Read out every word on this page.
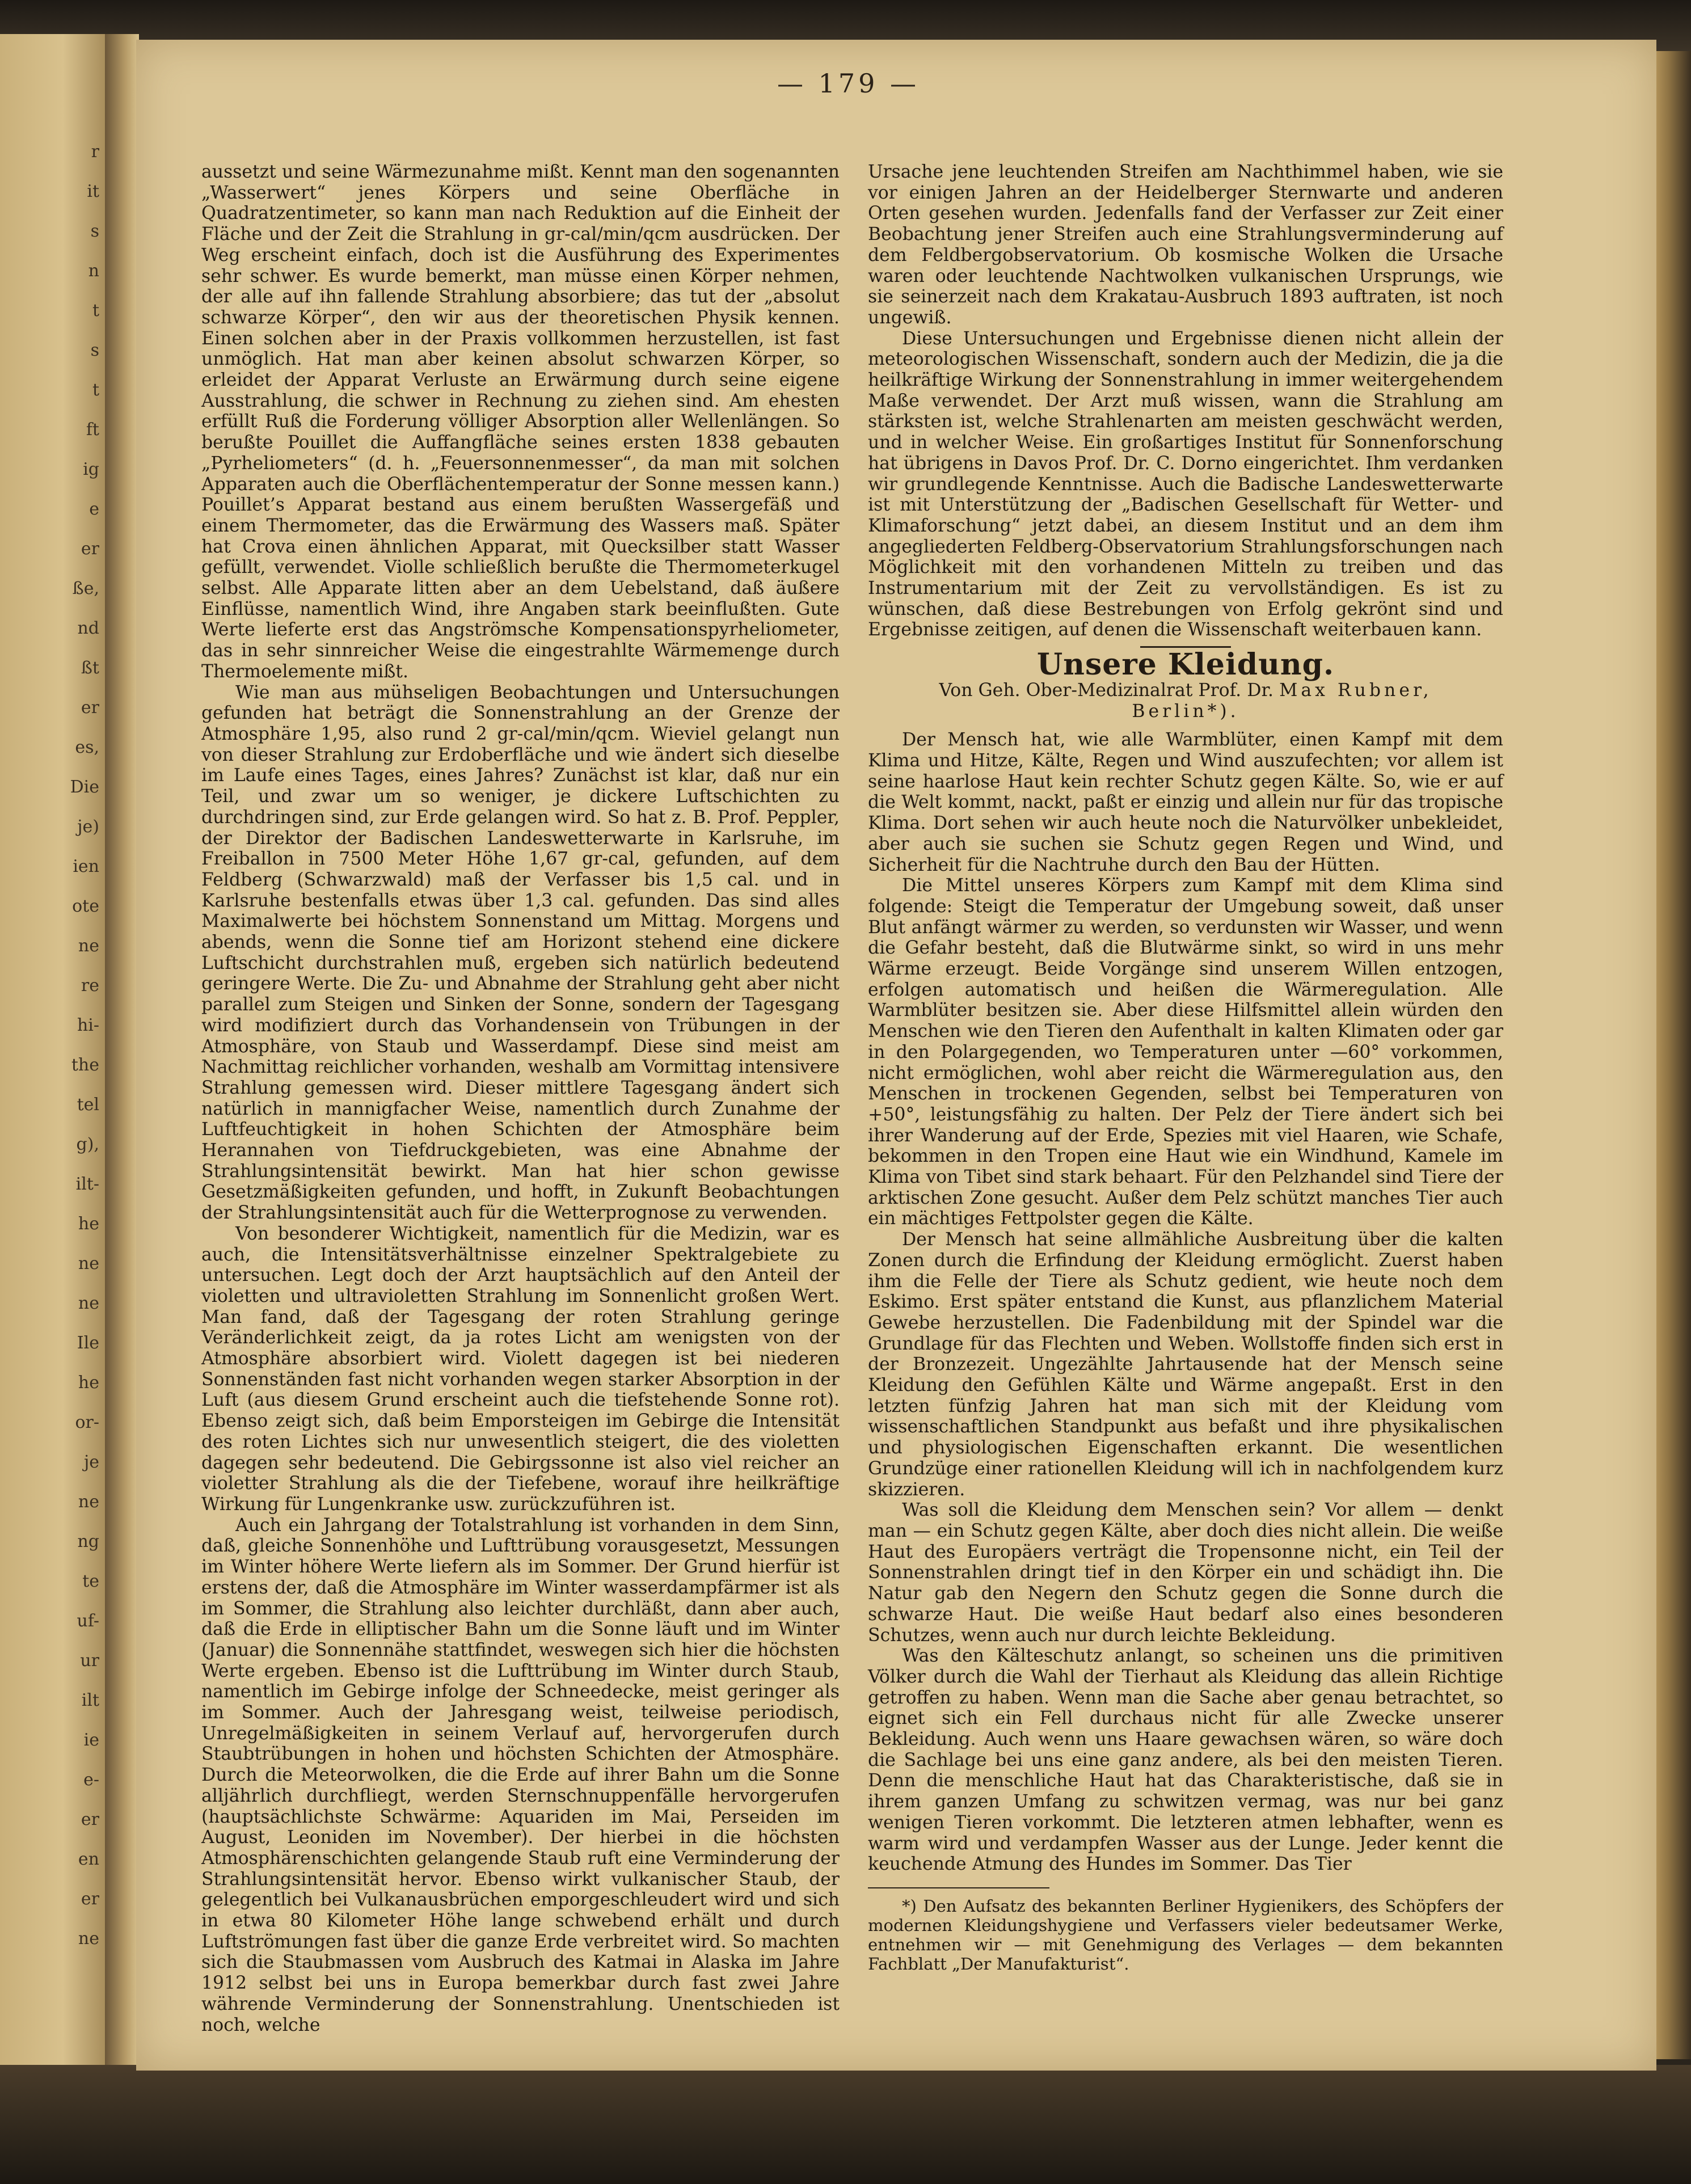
r
it
s
n
t
s
t
ft
ig
e
er
ße,
nd
ßt
er
es,
Die
je)
ien
ote
ne
re
hi-
the
tel
g),
ilt-
he
ne
ne
Ile
he
or-
je
ne
ng
te
uf-
ur
ilt
ie
e-
er
en
er
ne
— 179 —

aussetzt und seine Wärmezunahme mißt. Kennt man den sogenannten „Wasserwert“ jenes Körpers und seine Oberfläche in Quadratzentimeter, so kann man nach Reduktion auf die Einheit der Fläche und der Zeit die Strahlung in gr-cal/min/qcm ausdrücken. Der Weg erscheint einfach, doch ist die Ausführung des Experimentes sehr schwer. Es wurde bemerkt, man müsse einen Körper nehmen, der alle auf ihn fallende Strahlung absorbiere; das tut der „absolut schwarze Körper“, den wir aus der theoretischen Physik kennen. Einen solchen aber in der Praxis vollkommen herzustellen, ist fast unmöglich. Hat man aber keinen absolut schwarzen Körper, so erleidet der Apparat Verluste an Erwärmung durch seine eigene Ausstrahlung, die schwer in Rechnung zu ziehen sind. Am ehesten erfüllt Ruß die Forderung völliger Absorption aller Wellenlängen. So berußte Pouillet die Auffangfläche seines ersten 1838 gebauten „Pyrheliometers“ (d. h. „Feuersonnenmesser“, da man mit solchen Apparaten auch die Oberflächentemperatur der Sonne messen kann.) Pouillet’s Apparat bestand aus einem berußten Wassergefäß und einem Thermometer, das die Erwärmung des Wassers maß. Später hat Crova einen ähnlichen Apparat, mit Quecksilber statt Wasser gefüllt, verwendet. Violle schließlich berußte die Thermometerkugel selbst. Alle Apparate litten aber an dem Uebelstand, daß äußere Einflüsse, namentlich Wind, ihre Angaben stark beeinflußten. Gute Werte lieferte erst das Angströmsche Kompensationspyrheliometer, das in sehr sinnreicher Weise die eingestrahlte Wärmemenge durch Thermoelemente mißt.

Wie man aus mühseligen Beobachtungen und Untersuchungen gefunden hat beträgt die Sonnenstrahlung an der Grenze der Atmosphäre 1,95, also rund 2 gr-cal/min/qcm. Wieviel gelangt nun von dieser Strahlung zur Erdoberfläche und wie ändert sich dieselbe im Laufe eines Tages, eines Jahres? Zunächst ist klar, daß nur ein Teil, und zwar um so weniger, je dickere Luftschichten zu durchdringen sind, zur Erde gelangen wird. So hat z. B. Prof. Peppler, der Direktor der Badischen Landeswetterwarte in Karlsruhe, im Freiballon in 7500 Meter Höhe 1,67 gr-cal, gefunden, auf dem Feldberg (Schwarzwald) maß der Verfasser bis 1,5 cal. und in Karlsruhe bestenfalls etwas über 1,3 cal. gefunden. Das sind alles Maximalwerte bei höchstem Sonnenstand um Mittag. Morgens und abends, wenn die Sonne tief am Horizont stehend eine dickere Luftschicht durchstrahlen muß, ergeben sich natürlich bedeutend geringere Werte. Die Zu- und Abnahme der Strahlung geht aber nicht parallel zum Steigen und Sinken der Sonne, sondern der Tagesgang wird modifiziert durch das Vorhandensein von Trübungen in der Atmosphäre, von Staub und Wasserdampf. Diese sind meist am Nachmittag reichlicher vorhanden, weshalb am Vormittag intensivere Strahlung gemessen wird. Dieser mittlere Tagesgang ändert sich natürlich in mannigfacher Weise, namentlich durch Zunahme der Luftfeuchtigkeit in hohen Schichten der Atmosphäre beim Herannahen von Tiefdruckgebieten, was eine Abnahme der Strahlungsintensität bewirkt. Man hat hier schon gewisse Gesetzmäßigkeiten gefunden, und hofft, in Zukunft Beobachtungen der Strahlungsintensität auch für die Wetterprognose zu verwenden.

Von besonderer Wichtigkeit, namentlich für die Medizin, war es auch, die Intensitätsverhältnisse einzelner Spektralgebiete zu untersuchen. Legt doch der Arzt hauptsächlich auf den Anteil der violetten und ultravioletten Strahlung im Sonnenlicht großen Wert. Man fand, daß der Tagesgang der roten Strahlung geringe Veränderlichkeit zeigt, da ja rotes Licht am wenigsten von der Atmosphäre absorbiert wird. Violett dagegen ist bei niederen Sonnenständen fast nicht vorhanden wegen starker Absorption in der Luft (aus diesem Grund erscheint auch die tiefstehende Sonne rot). Ebenso zeigt sich, daß beim Emporsteigen im Gebirge die Intensität des roten Lichtes sich nur unwesentlich steigert, die des violetten dagegen sehr bedeutend. Die Gebirgssonne ist also viel reicher an violetter Strahlung als die der Tiefebene, worauf ihre heilkräftige Wirkung für Lungenkranke usw. zurückzuführen ist.

Auch ein Jahrgang der Totalstrahlung ist vorhanden in dem Sinn, daß, gleiche Sonnenhöhe und Lufttrübung vorausgesetzt, Messungen im Winter höhere Werte liefern als im Sommer. Der Grund hierfür ist erstens der, daß die Atmosphäre im Winter wasserdampfärmer ist als im Sommer, die Strahlung also leichter durchläßt, dann aber auch, daß die Erde in elliptischer Bahn um die Sonne läuft und im Winter (Januar) die Sonnennähe stattfindet, weswegen sich hier die höchsten Werte ergeben. Ebenso ist die Lufttrübung im Winter durch Staub, namentlich im Gebirge infolge der Schneedecke, meist geringer als im Sommer. Auch der Jahresgang weist, teilweise periodisch, Unregelmäßigkeiten in seinem Verlauf auf, hervorgerufen durch Staubtrübungen in hohen und höchsten Schichten der Atmosphäre. Durch die Meteorwolken, die die Erde auf ihrer Bahn um die Sonne alljährlich durchfliegt, werden Sternschnuppenfälle hervorgerufen (hauptsächlichste Schwärme: Aquariden im Mai, Perseiden im August, Leoniden im November). Der hierbei in die höchsten Atmosphärenschichten gelangende Staub ruft eine Verminderung der Strahlungsintensität hervor. Ebenso wirkt vulkanischer Staub, der gelegentlich bei Vulkanausbrüchen emporgeschleudert wird und sich in etwa 80 Kilometer Höhe lange schwebend erhält und durch Luftströmungen fast über die ganze Erde verbreitet wird. So machten sich die Staubmassen vom Ausbruch des Katmai in Alaska im Jahre 1912 selbst bei uns in Europa bemerkbar durch fast zwei Jahre währende Verminderung der Sonnenstrahlung. Unentschieden ist noch, welche

Ursache jene leuchtenden Streifen am Nachthimmel haben, wie sie vor einigen Jahren an der Heidelberger Sternwarte und anderen Orten gesehen wurden. Jedenfalls fand der Verfasser zur Zeit einer Beobachtung jener Streifen auch eine Strahlungsverminderung auf dem Feldbergobservatorium. Ob kosmische Wolken die Ursache waren oder leuchtende Nachtwolken vulkanischen Ursprungs, wie sie seinerzeit nach dem Krakatau-Ausbruch 1893 auftraten, ist noch ungewiß.

Diese Untersuchungen und Ergebnisse dienen nicht allein der meteorologischen Wissenschaft, sondern auch der Medizin, die ja die heilkräftige Wirkung der Sonnenstrahlung in immer weitergehendem Maße verwendet. Der Arzt muß wissen, wann die Strahlung am stärksten ist, welche Strahlenarten am meisten geschwächt werden, und in welcher Weise. Ein großartiges Institut für Sonnenforschung hat übrigens in Davos Prof. Dr. C. Dorno eingerichtet. Ihm verdanken wir grundlegende Kenntnisse. Auch die Badische Landeswetterwarte ist mit Unterstützung der „Badischen Gesellschaft für Wetter- und Klimaforschung“ jetzt dabei, an diesem Institut und an dem ihm angegliederten Feldberg-Observatorium Strahlungsforschungen nach Möglichkeit mit den vorhandenen Mitteln zu treiben und das Instrumentarium mit der Zeit zu vervollständigen. Es ist zu wünschen, daß diese Bestrebungen von Erfolg gekrönt sind und Ergebnisse zeitigen, auf denen die Wissenschaft weiterbauen kann.

Unsere Kleidung.
Von Geh. Ober-Medizinalrat Prof. Dr. Max Rubner,
Berlin*).

Der Mensch hat, wie alle Warmblüter, einen Kampf mit dem Klima und Hitze, Kälte, Regen und Wind auszufechten; vor allem ist seine haarlose Haut kein rechter Schutz gegen Kälte. So, wie er auf die Welt kommt, nackt, paßt er einzig und allein nur für das tropische Klima. Dort sehen wir auch heute noch die Naturvölker unbekleidet, aber auch sie suchen sie Schutz gegen Regen und Wind, und Sicherheit für die Nachtruhe durch den Bau der Hütten.

Die Mittel unseres Körpers zum Kampf mit dem Klima sind folgende: Steigt die Temperatur der Umgebung soweit, daß unser Blut anfängt wärmer zu werden, so verdunsten wir Wasser, und wenn die Gefahr besteht, daß die Blutwärme sinkt, so wird in uns mehr Wärme erzeugt. Beide Vorgänge sind unserem Willen entzogen, erfolgen automatisch und heißen die Wärmeregulation. Alle Warmblüter besitzen sie. Aber diese Hilfsmittel allein würden den Menschen wie den Tieren den Aufenthalt in kalten Klimaten oder gar in den Polargegenden, wo Temperaturen unter —60° vorkommen, nicht ermöglichen, wohl aber reicht die Wärmeregulation aus, den Menschen in trockenen Gegenden, selbst bei Temperaturen von +50°, leistungsfähig zu halten. Der Pelz der Tiere ändert sich bei ihrer Wanderung auf der Erde, Spezies mit viel Haaren, wie Schafe, bekommen in den Tropen eine Haut wie ein Windhund, Kamele im Klima von Tibet sind stark behaart. Für den Pelzhandel sind Tiere der arktischen Zone gesucht. Außer dem Pelz schützt manches Tier auch ein mächtiges Fettpolster gegen die Kälte.

Der Mensch hat seine allmähliche Ausbreitung über die kalten Zonen durch die Erfindung der Kleidung ermöglicht. Zuerst haben ihm die Felle der Tiere als Schutz gedient, wie heute noch dem Eskimo. Erst später entstand die Kunst, aus pflanzlichem Material Gewebe herzustellen. Die Fadenbildung mit der Spindel war die Grundlage für das Flechten und Weben. Wollstoffe finden sich erst in der Bronzezeit. Ungezählte Jahrtausende hat der Mensch seine Kleidung den Gefühlen Kälte und Wärme angepaßt. Erst in den letzten fünfzig Jahren hat man sich mit der Kleidung vom wissenschaftlichen Standpunkt aus befaßt und ihre physikalischen und physiologischen Eigenschaften erkannt. Die wesentlichen Grundzüge einer rationellen Kleidung will ich in nachfolgendem kurz skizzieren.

Was soll die Kleidung dem Menschen sein? Vor allem — denkt man — ein Schutz gegen Kälte, aber doch dies nicht allein. Die weiße Haut des Europäers verträgt die Tropensonne nicht, ein Teil der Sonnenstrahlen dringt tief in den Körper ein und schädigt ihn. Die Natur gab den Negern den Schutz gegen die Sonne durch die schwarze Haut. Die weiße Haut bedarf also eines besonderen Schutzes, wenn auch nur durch leichte Bekleidung.

Was den Kälteschutz anlangt, so scheinen uns die primitiven Völker durch die Wahl der Tierhaut als Kleidung das allein Richtige getroffen zu haben. Wenn man die Sache aber genau betrachtet, so eignet sich ein Fell durchaus nicht für alle Zwecke unserer Bekleidung. Auch wenn uns Haare gewachsen wären, so wäre doch die Sachlage bei uns eine ganz andere, als bei den meisten Tieren. Denn die menschliche Haut hat das Charakteristische, daß sie in ihrem ganzen Umfang zu schwitzen vermag, was nur bei ganz wenigen Tieren vorkommt. Die letzteren atmen lebhafter, wenn es warm wird und verdampfen Wasser aus der Lunge. Jeder kennt die keuchende Atmung des Hundes im Sommer. Das Tier

*) Den Aufsatz des bekannten Berliner Hygienikers, des Schöpfers der modernen Kleidungshygiene und Verfassers vieler bedeutsamer Werke, entnehmen wir — mit Genehmigung des Verlages — dem bekannten Fachblatt „Der Manufakturist“.
